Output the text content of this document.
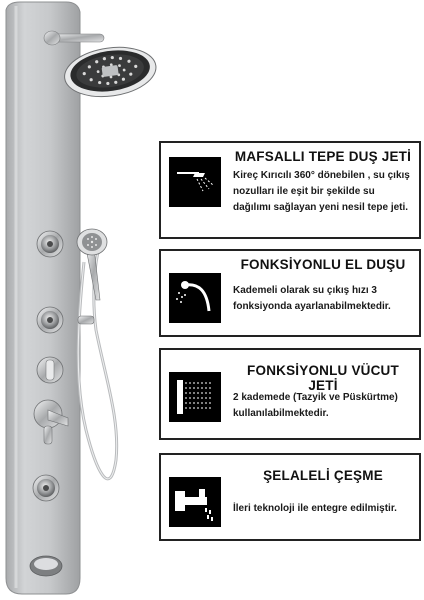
MAFSALLI TEPE DUŞ JETİ
Kireç Kırıcılı 360° dönebilen , su çıkış nozulları ile eşit bir şekilde su dağılımı sağlayan yeni nesil tepe jeti.
FONKSİYONLU EL DUŞU
Kademeli olarak su çıkış hızı 3 fonksiyonda ayarlanabilmektedir.
FONKSİYONLU VÜCUT JETİ
2 kademede (Tazyik ve Püskürtme) kullanılabilmektedir.
ŞELALELİ ÇEŞME
İleri teknoloji ile entegre edilmiştir.
